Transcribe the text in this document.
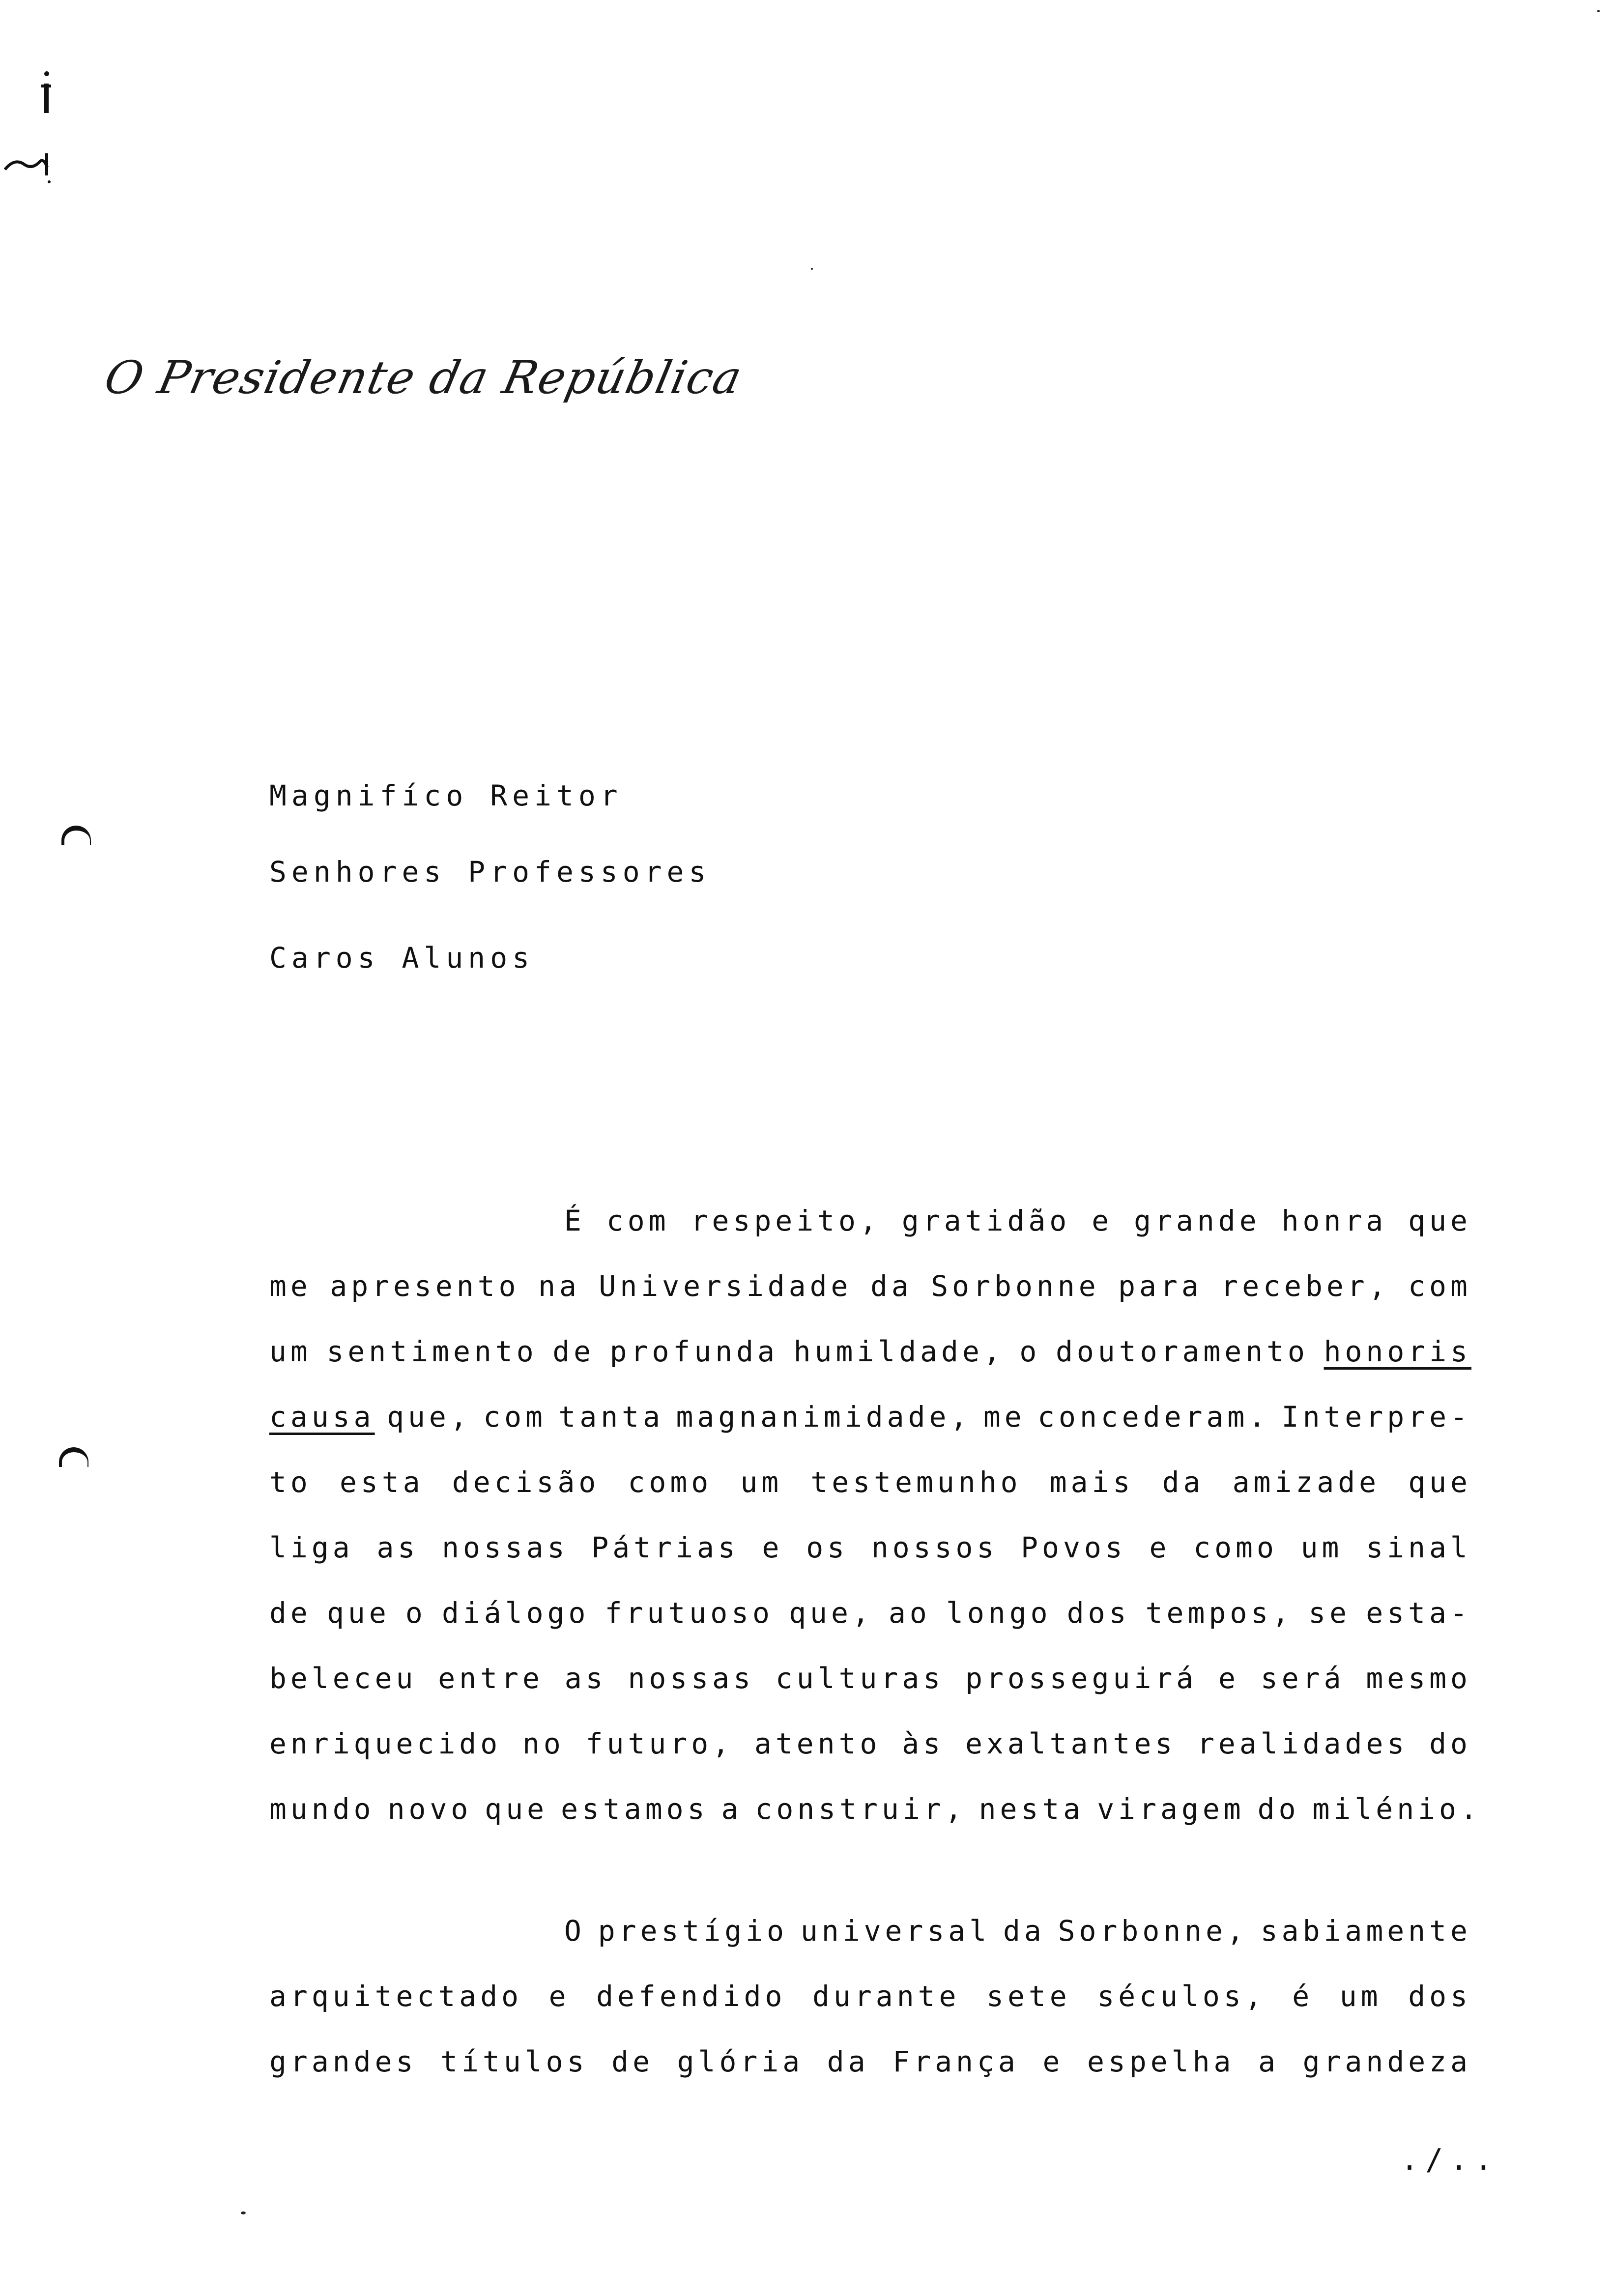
O Presidente da República
Magnifíco Reitor
Senhores Professores
Caros Alunos
É com respeito, gratidão e grande honra que
me apresento na Universidade da Sorbonne para receber, com
um sentimento de profunda humildade, o doutoramento honoris
causa que, com tanta magnanimidade, me concederam. Interpre-
to esta decisão como um testemunho mais da amizade que
liga as nossas Pátrias e os nossos Povos e como um sinal
de que o diálogo frutuoso que, ao longo dos tempos, se esta-
beleceu entre as nossas culturas prosseguirá e será mesmo
enriquecido no futuro, atento às exaltantes realidades do
mundo novo que estamos a construir, nesta viragem do milénio.
O prestígio universal da Sorbonne, sabiamente
arquitectado e defendido durante sete séculos, é um dos
grandes títulos de glória da França e espelha a grandeza
./..
